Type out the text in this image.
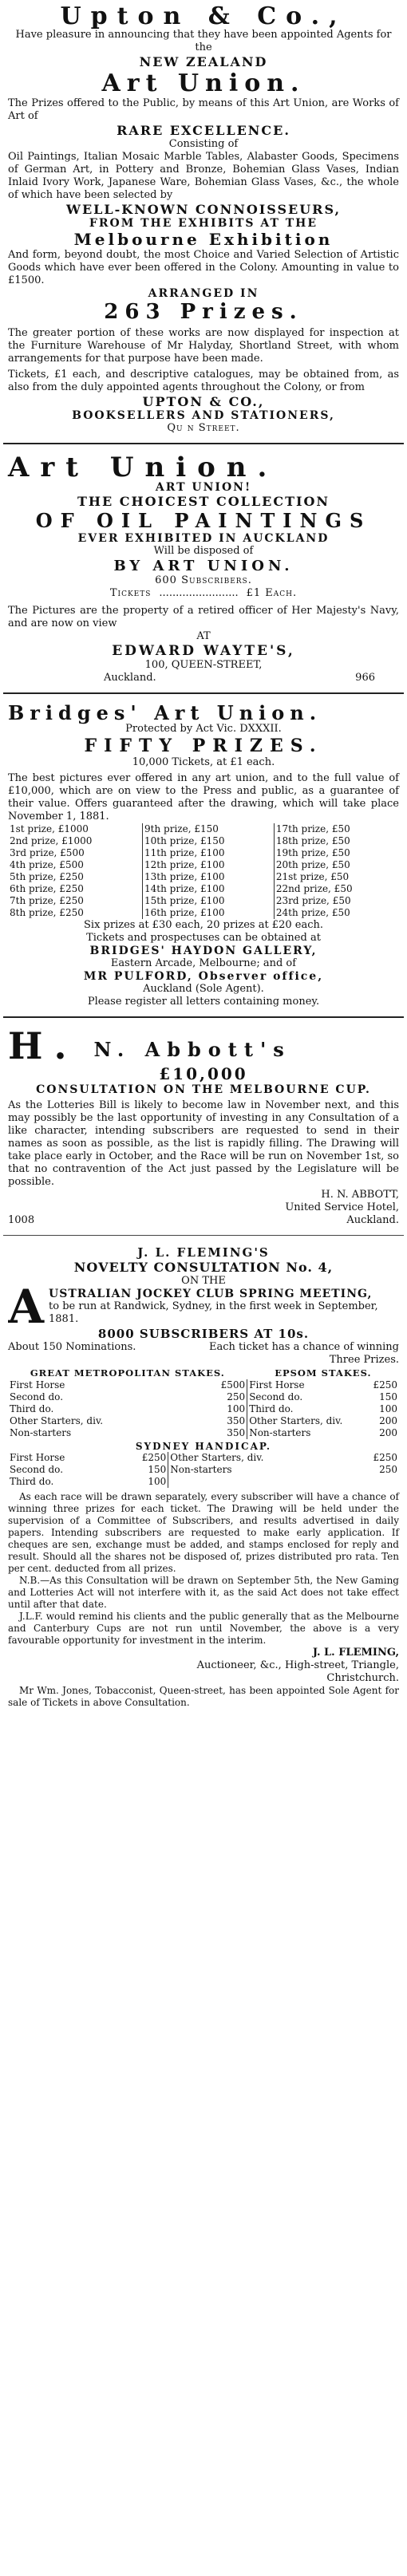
Upton & Co.,

Have pleasure in announcing that they have been appointed Agents for the

NEW ZEALAND

Art Union.

The Prizes offered to the Public, by means of this Art Union, are Works of Art of

RARE EXCELLENCE.

Consisting of

Oil Paintings, Italian Mosaic Marble Tables, Alabaster Goods, Specimens of German Art, in Pottery and Bronze, Bohemian Glass Vases, Indian Inlaid Ivory Work, Japanese Ware, Bohemian Glass Vases, &c., the whole of which have been selected by

WELL-KNOWN CONNOISSEURS,

FROM THE EXHIBITS AT THE

Melbourne Exhibition

And form, beyond doubt, the most Choice and Varied Selection of Artistic Goods which have ever been offered in the Colony. Amounting in value to £1500.

ARRANGED IN

263 Prizes.

The greater portion of these works are now displayed for inspection at the Furniture Warehouse of Mr Halyday, Shortland Street, with whom arrangements for that purpose have been made.

Tickets, £1 each, and descriptive catalogues, may be obtained from, as also from the duly appointed agents throughout the Colony, or from

UPTON & CO.,

BOOKSELLERS AND STATIONERS,

Qu n Street.

Art Union.

ART UNION!

THE CHOICEST COLLECTION

OF OIL PAINTINGS

EVER EXHIBITED IN AUCKLAND

Will be disposed of

BY ART UNION.

600 Subscribers.

Tickets ........................ £1 Each.

The Pictures are the property of a retired officer of Her Majesty's Navy, and are now on view

AT

EDWARD WAYTE'S,

100, QUEEN-STREET,

Auckland.	966

Bridges' Art Union.

Protected by Act Vic. DXXXII.

FIFTY PRIZES.

10,000 Tickets, at £1 each.

The best pictures ever offered in any art union, and to the full value of £10,000, which are on view to the Press and public, as a guarantee of their value. Offers guaranteed after the drawing, which will take place November 1, 1881.

1st prize, £1000	9th prize, £150	17th prize, £50
2nd prize, £1000	10th prize, £150	18th prize, £50
3rd prize, £500	11th prize, £100	19th prize, £50
4th prize, £500	12th prize, £100	20th prize, £50
5th prize, £250	13th prize, £100	21st prize, £50
6th prize, £250	14th prize, £100	22nd prize, £50
7th prize, £250	15th prize, £100	23rd prize, £50
8th prize, £250	16th prize, £100	24th prize, £50

Six prizes at £30 each, 20 prizes at £20 each.

Tickets and prospectuses can be obtained at

BRIDGES' HAYDON GALLERY,

Eastern Arcade, Melbourne; and of

MR PULFORD, Observer office,

Auckland (Sole Agent).

Please register all letters containing money.

H. N. Abbott's

£10,000

CONSULTATION ON THE MELBOURNE CUP.

As the Lotteries Bill is likely to become law in November next, and this may possibly be the last opportunity of investing in any Consultation of a like character, intending subscribers are requested to send in their names as soon as possible, as the list is rapidly filling. The Drawing will take place early in October, and the Race will be run on November 1st, so that no contravention of the Act just passed by the Legislature will be possible.

H. N. ABBOTT,

United Service Hotel,

1008	Auckland.

J. L. FLEMING'S

NOVELTY CONSULTATION No. 4,

ON THE

A USTRALIAN JOCKEY CLUB SPRING MEETING,

to be run at Randwick, Sydney, in the first week in September, 1881.

8000 SUBSCRIBERS AT 10s.

About 150 Nominations.	Each ticket has a chance of winning Three Prizes.
GREAT METROPOLITAN STAKES.		EPSOM STAKES.	
First Horse	£500	First Horse	£250
Second do.	250	Second do.	150
Third do.	100	Third do.	100
Other Starters, div.	350	Other Starters, div.	200
Non-starters	350	Non-starters	200

SYDNEY HANDICAP.

First Horse	£250	Other Starters, div.	£250
Second do.	150	Non-starters	250
Third do.	100		

As each race will be drawn separately, every subscriber will have a chance of winning three prizes for each ticket. The Drawing will be held under the supervision of a Committee of Subscribers, and results advertised in daily papers. Intending subscribers are requested to make early application. If cheques are sen, exchange must be added, and stamps enclosed for reply and result. Should all the shares not be disposed of, prizes distributed pro rata. Ten per cent. deducted from all prizes.

N.B.—As this Consultation will be drawn on September 5th, the New Gaming and Lotteries Act will not interfere with it, as the said Act does not take effect until after that date.

J.L.F. would remind his clients and the public generally that as the Melbourne and Canterbury Cups are not run until November, the above is a very favourable opportunity for investment in the interim.

J. L. FLEMING,

Auctioneer, &c., High-street, Triangle,

Christchurch.

Mr Wm. Jones, Tobacconist, Queen-street, has been appointed Sole Agent for sale of Tickets in above Consultation.
